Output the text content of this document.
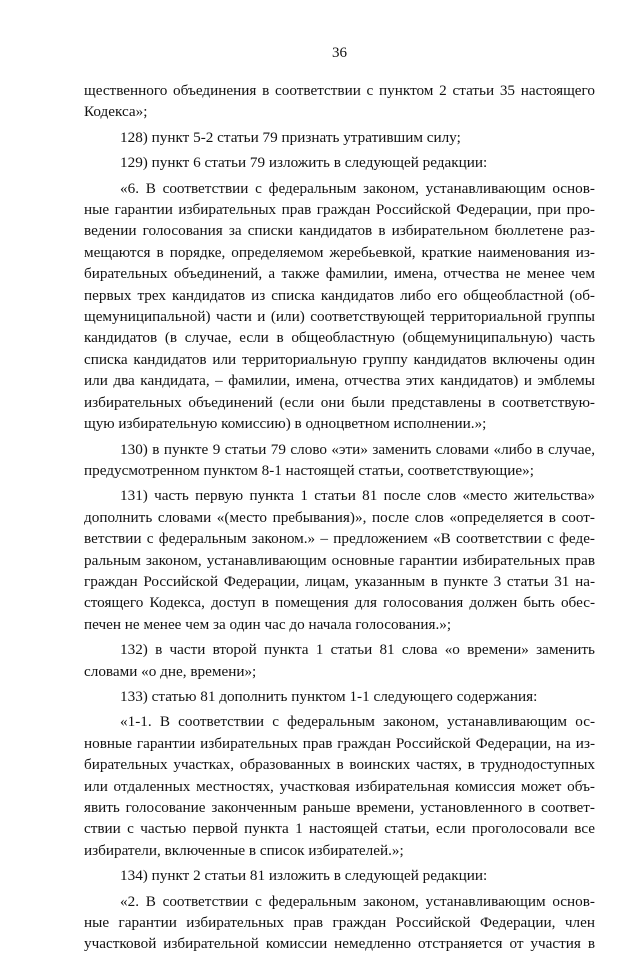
36
щественного объединения в соответствии с пунктом 2 статьи 35 настоящего
Кодекса»;
128) пункт 5-2 статьи 79 признать утратившим силу;
129) пункт 6 статьи 79 изложить в следующей редакции:
«6. В соответствии с федеральным законом, устанавливающим основ-
ные гарантии избирательных прав граждан Российской Федерации, при про-
ведении голосования за списки кандидатов в избирательном бюллетене раз-
мещаются в порядке, определяемом жеребьевкой, краткие наименования из-
бирательных объединений, а также фамилии, имена, отчества не менее чем
первых трех кандидатов из списка кандидатов либо его общеобластной (об-
щемуниципальной) части и (или) соответствующей территориальной группы
кандидатов (в случае, если в общеобластную (общемуниципальную) часть
списка кандидатов или территориальную группу кандидатов включены один
или два кандидата, – фамилии, имена, отчества этих кандидатов) и эмблемы
избирательных объединений (если они были представлены в соответствую-
щую избирательную комиссию) в одноцветном исполнении.»;
130) в пункте 9 статьи 79 слово «эти» заменить словами «либо в случае,
предусмотренном пунктом 8-1 настоящей статьи, соответствующие»;
131) часть первую пункта 1 статьи 81 после слов «место жительства»
дополнить словами «(место пребывания)», после слов «определяется в соот-
ветствии с федеральным законом.» – предложением «В соответствии с феде-
ральным законом, устанавливающим основные гарантии избирательных прав
граждан Российской Федерации, лицам, указанным в пункте 3 статьи 31 на-
стоящего Кодекса, доступ в помещения для голосования должен быть обес-
печен не менее чем за один час до начала голосования.»;
132) в части второй пункта 1 статьи 81 слова «о времени» заменить
словами «о дне, времени»;
133) статью 81 дополнить пунктом 1-1 следующего содержания:
«1-1. В соответствии с федеральным законом, устанавливающим ос-
новные гарантии избирательных прав граждан Российской Федерации, на из-
бирательных участках, образованных в воинских частях, в труднодоступных
или отдаленных местностях, участковая избирательная комиссия может объ-
явить голосование законченным раньше времени, установленного в соответ-
ствии с частью первой пункта 1 настоящей статьи, если проголосовали все
избиратели, включенные в список избирателей.»;
134) пункт 2 статьи 81 изложить в следующей редакции:
«2. В соответствии с федеральным законом, устанавливающим основ-
ные гарантии избирательных прав граждан Российской Федерации, член
участковой избирательной комиссии немедленно отстраняется от участия в
